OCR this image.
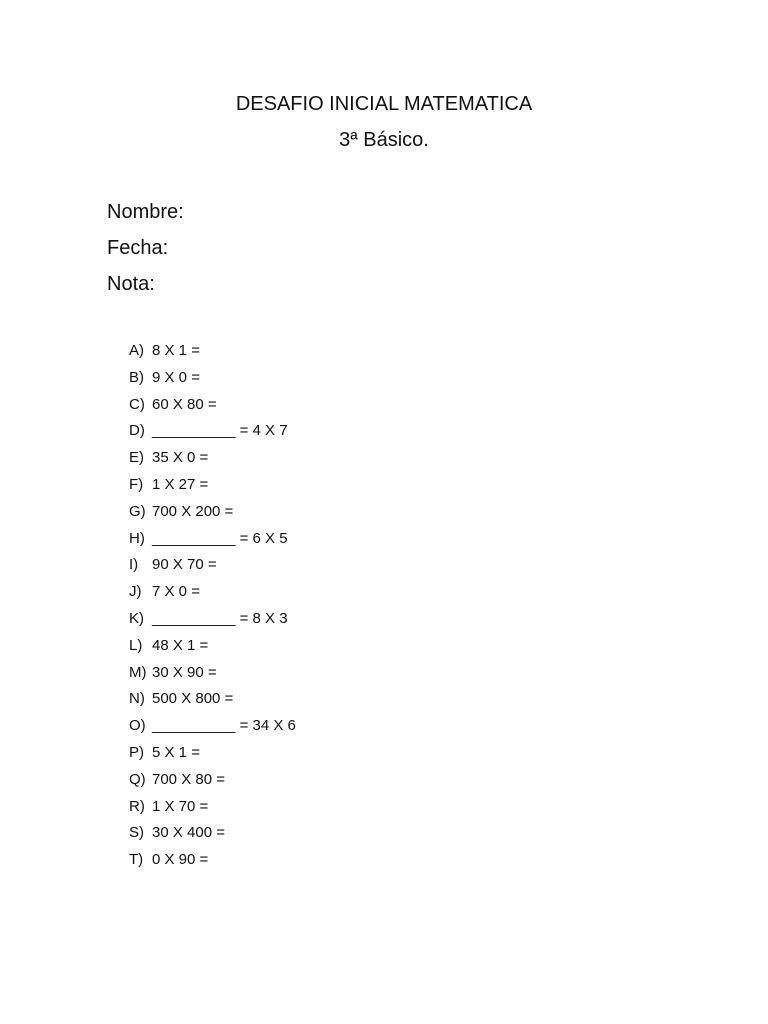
DESAFIO INICIAL MATEMATICA
3ª Básico.
Nombre:
Fecha:
Nota:
A) 8 X 1 =
B) 9 X 0 =
C) 60 X 80 =
D) __________ = 4 X 7
E) 35 X 0 =
F) 1 X 27 =
G) 700 X 200 =
H) __________ = 6 X 5
I) 90 X 70 =
J) 7 X 0 =
K) __________ = 8 X 3
L) 48 X 1 =
M) 30 X 90 =
N) 500 X 800 =
O) __________ = 34 X 6
P) 5 X 1 =
Q) 700 X 80 =
R) 1 X 70 =
S) 30 X 400 =
T) 0 X 90 =
